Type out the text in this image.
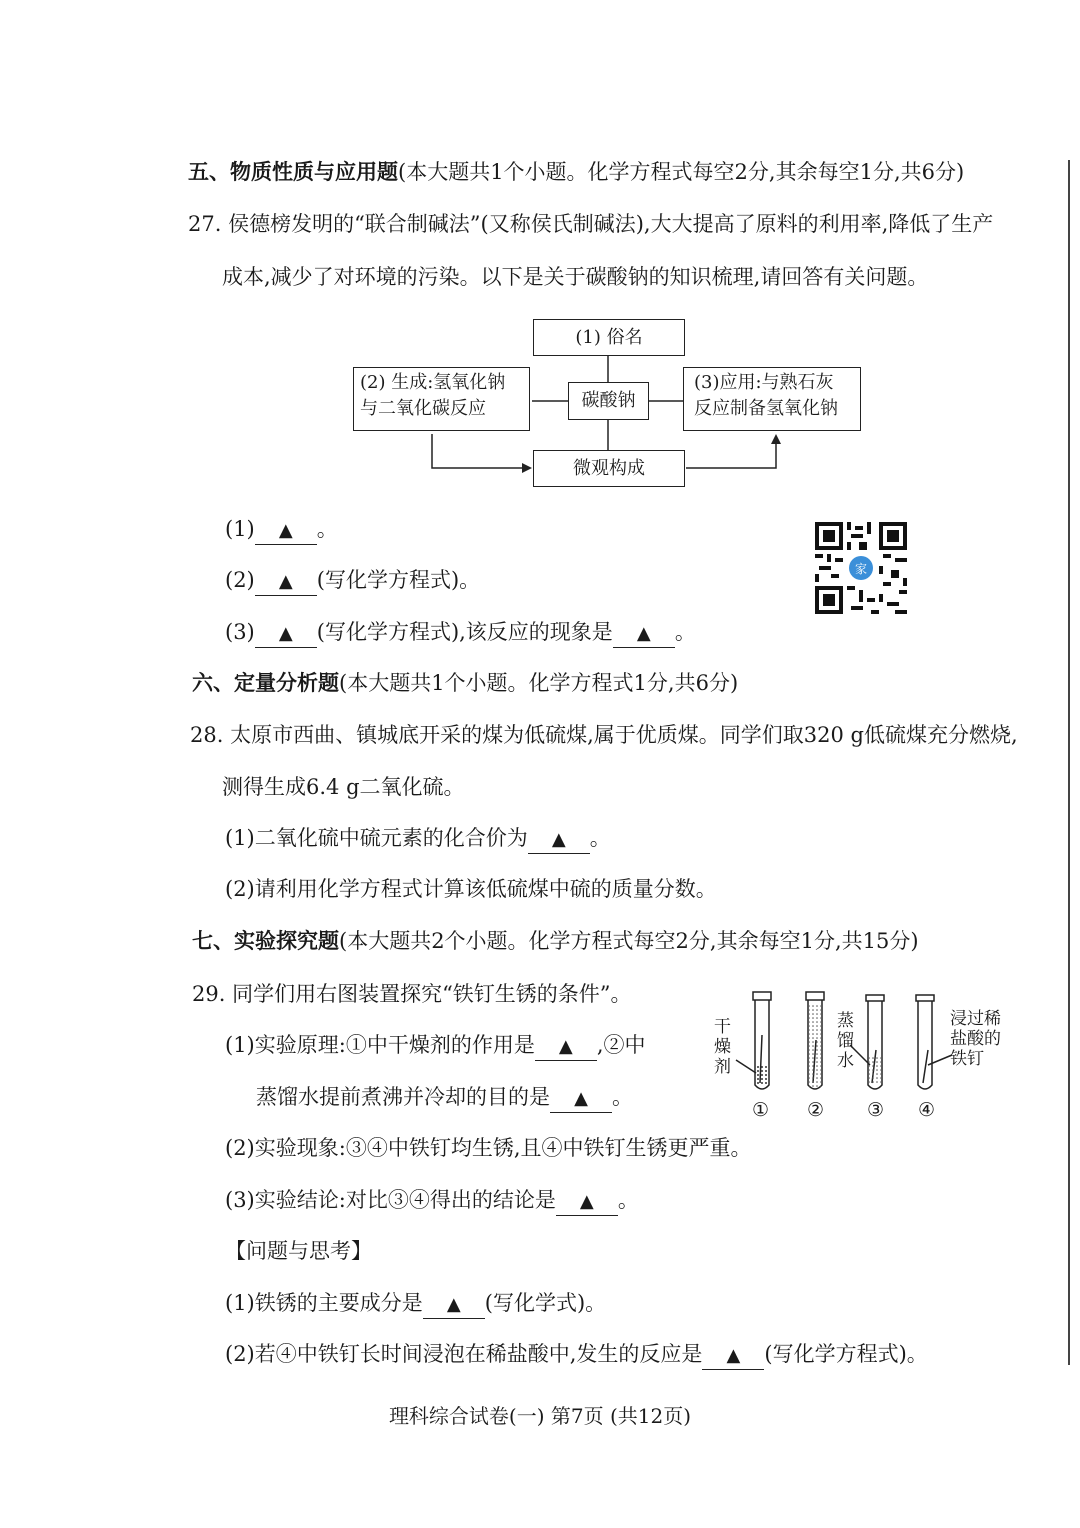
五、物质性质与应用题(本大题共1个小题。化学方程式每空2分,其余每空1分,共6分)
27. 侯德榜发明的“联合制碱法”(又称侯氏制碱法),大大提高了原料的利用率,降低了生产
成本,减少了对环境的污染。以下是关于碳酸钠的知识梳理,请回答有关问题。
(1) 俗名
碳酸钠
(2) 生成:氢氧化钠
与二氧化碳反应
(3)应用:与熟石灰
反应制备氢氧化钠
微观构成
(1) ▲ 。
(2) ▲ (写化学方程式)。
(3) ▲ (写化学方程式),该反应的现象是 ▲ 。
家
六、定量分析题(本大题共1个小题。化学方程式1分,共6分)
28. 太原市西曲、镇城底开采的煤为低硫煤,属于优质煤。同学们取320 g低硫煤充分燃烧,
测得生成6.4 g二氧化硫。
(1)二氧化硫中硫元素的化合价为 ▲ 。
(2)请利用化学方程式计算该低硫煤中硫的质量分数。
七、实验探究题(本大题共2个小题。化学方程式每空2分,其余每空1分,共15分)
29. 同学们用右图装置探究“铁钉生锈的条件”。
(1)实验原理:①中干燥剂的作用是 ▲ ,②中
蒸馏水提前煮沸并冷却的目的是 ▲ 。
(2)实验现象:③④中铁钉均生锈,且④中铁钉生锈更严重。
(3)实验结论:对比③④得出的结论是 ▲ 。
【问题与思考】
(1)铁锈的主要成分是 ▲ (写化学式)。
(2)若④中铁钉长时间浸泡在稀盐酸中,发生的反应是 ▲ (写化学方程式)。
干燥剂
蒸馏水
浸过稀
盐酸的
铁钉
① ② ③ ④
理科综合试卷(一) 第7页 (共12页)
